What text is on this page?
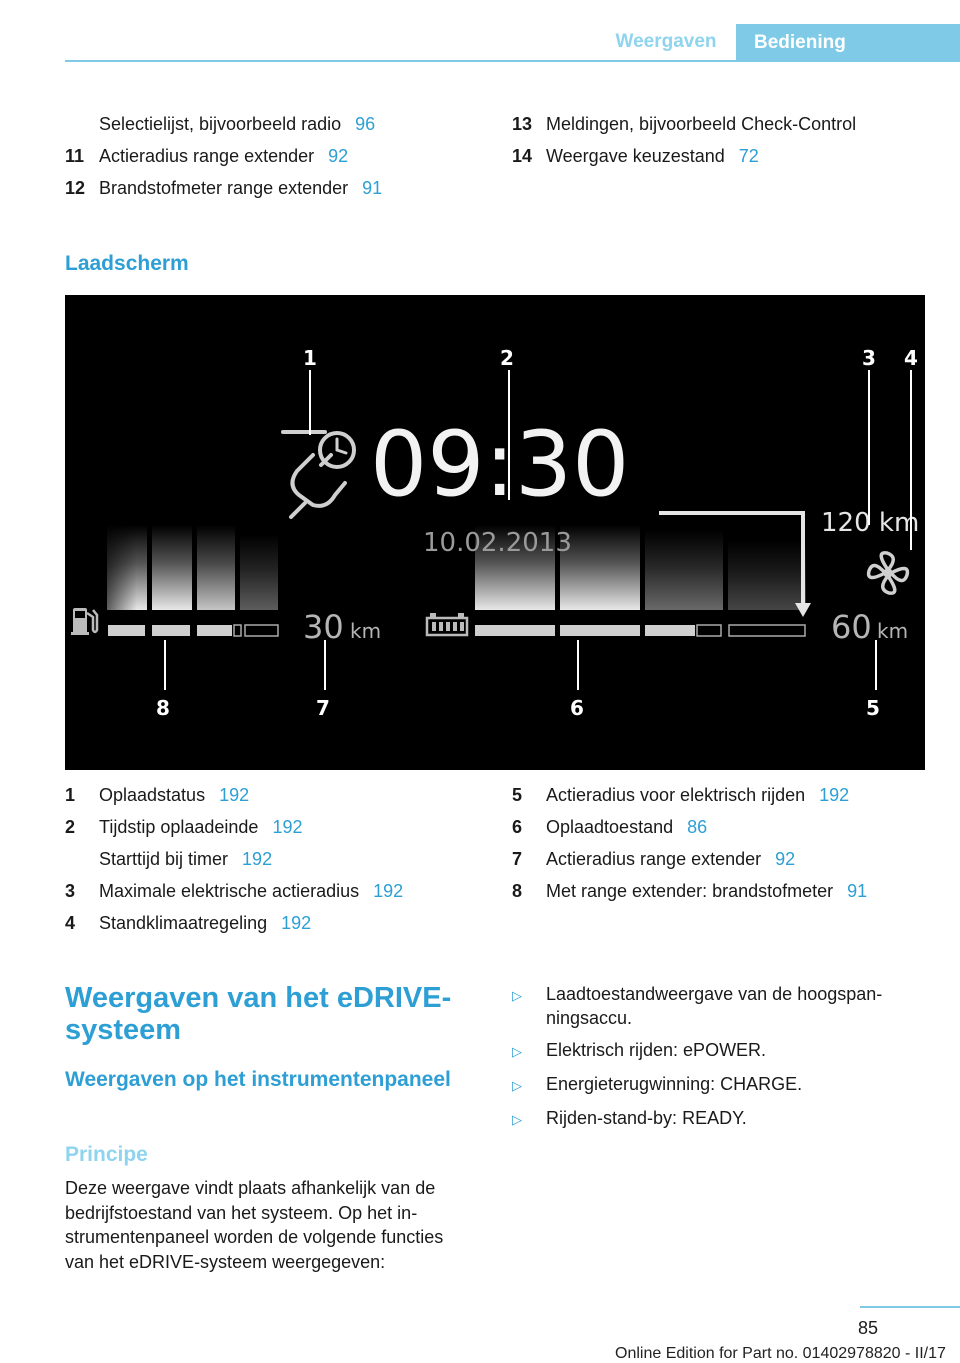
Weergaven	Bediening
Selectielijst, bijvoorbeeld radio 96
11 Actieradius range extender 92
12 Brandstofmeter range extender 91
13 Meldingen, bijvoorbeeld Check-Control
14 Weergave keuzestand 72
Laadscherm
09:30
10.02.2013
120 km
30 km	60 km
1	2	3 4
5
6
7
8
1	Oplaadstatus 192
2	Tijdstip oplaadeinde 192
Starttijd bij timer 192
3	Maximale elektrische actieradius 192
4	Standklimaatregeling 192
5	Actieradius voor elektrisch rijden 192
6	Oplaadtoestand 86
7	Actieradius range extender 92
8	Met range extender: brandstofmeter 91
Weergaven van het eDRIVE-systeem
Weergaven op het instrumentenpaneel
Principe
Deze weergave vindt plaats afhankelijk van de bedrijfstoestand van het systeem. Op het instrumentenpaneel worden de volgende functies van het eDRIVE-systeem weergegeven:
▷	Laadtoestandweergave van de hoogspanningsaccu.
▷	Elektrisch rijden: ePOWER.
▷	Energieterugwinning: CHARGE.
▷	Rijden-stand-by: READY.
85
Online Edition for Part no. 01402978820 - II/17
